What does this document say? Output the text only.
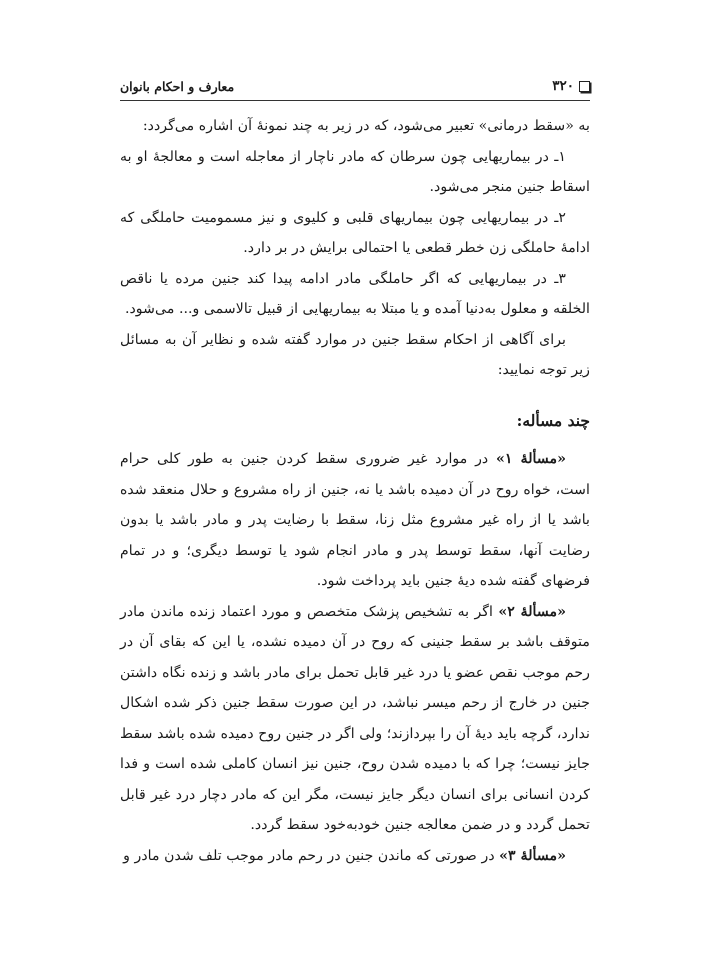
۳۲۰
معارف و احکام بانوان

به «سقط درمانی» تعبیر می‌شود، که در زیر به چند نمونهٔ آن اشاره می‌گردد:

۱ـ در بیماریهایی چون سرطان که مادر ناچار از معاجله است و معالجهٔ او به اسقاط جنین منجر می‌شود.

۲ـ در بیماریهایی چون بیماریهای قلبی و کلیوی و نیز مسمومیت حاملگی که ادامهٔ حاملگی زن خطر قطعی یا احتمالی برایش در بر دارد.

۳ـ در بیماریهایی که اگر حاملگی مادر ادامه پیدا کند جنین مرده یا ناقص الخلقه و معلول به‌دنیا آمده و یا مبتلا به بیماریهایی از قبیل تالاسمی و... می‌شود.

برای آگاهی از احکام سقط جنین در موارد گفته شده و نظایر آن به مسائل زیر توجه نمایید:

چند مسأله:

«مسألهٔ ۱» در موارد غیر ضروری سقط کردن جنین به طور کلی حرام است، خواه روح در آن دمیده باشد یا نه، جنین از راه مشروع و حلال منعقد شده باشد یا از راه غیر مشروع مثل زنا، سقط با رضایت پدر و مادر باشد یا بدون رضایت آنها، سقط توسط پدر و مادر انجام شود یا توسط دیگری؛ و در تمام فرضهای گفته شده دیهٔ جنین باید پرداخت شود.

«مسألهٔ ۲» اگر به تشخیص پزشک متخصص و مورد اعتماد زنده ماندن مادر متوقف باشد بر سقط جنینی که روح در آن دمیده نشده، یا این که بقای آن در رحم موجب نقص عضو یا درد غیر قابل تحمل برای مادر باشد و زنده نگاه داشتن جنین در خارج از رحم میسر نباشد، در این صورت سقط جنین ذکر شده اشکال ندارد، گرچه باید دیهٔ آن را بپردازند؛ ولی اگر در جنین روح دمیده شده باشد سقط جایز نیست؛ چرا که با دمیده شدن روح، جنین نیز انسان کاملی شده است و فدا کردن انسانی برای انسان دیگر جایز نیست، مگر این که مادر دچار درد غیر قابل تحمل گردد و در ضمن معالجه جنین خودبه‌خود سقط گردد.

«مسألهٔ ۳» در صورتی که ماندن جنین در رحم مادر موجب تلف شدن مادر و
